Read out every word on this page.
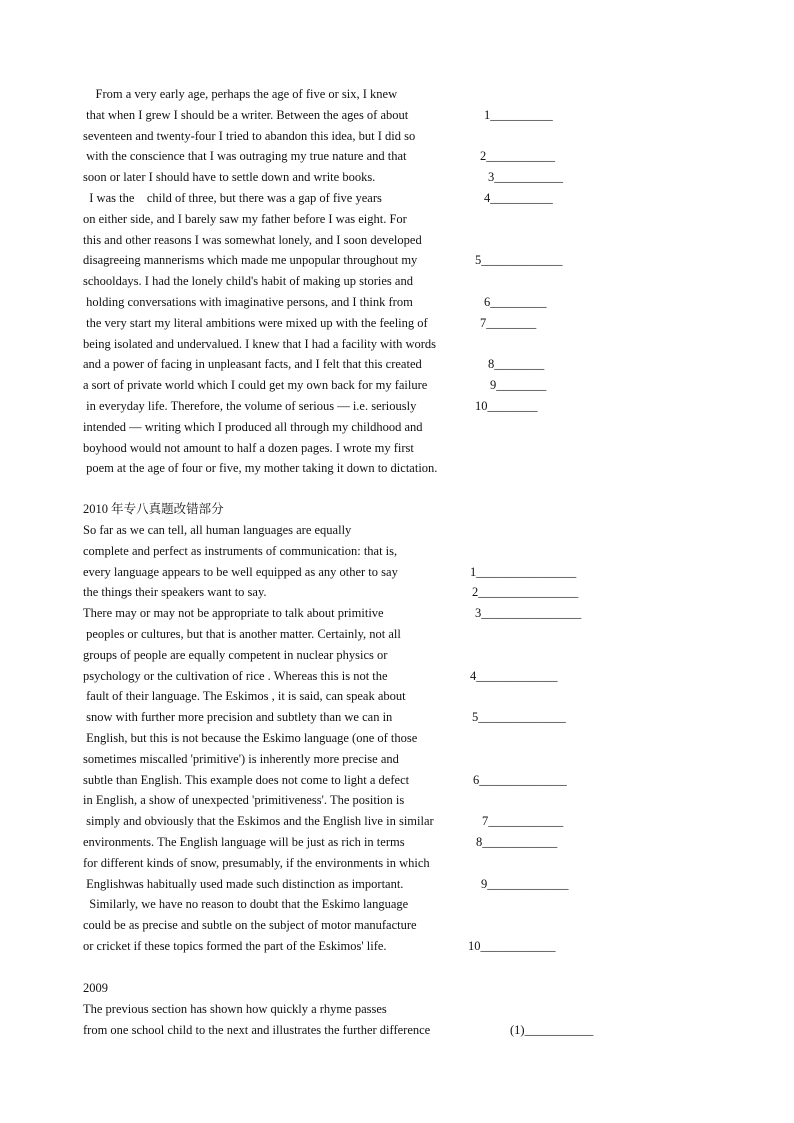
From a very early age, perhaps the age of five or six, I knew
that when I grew I should be a writer. Between the ages of about	1__________
seventeen and twenty-four I tried to abandon this idea, but I did so
with the conscience that I was outraging my true nature and that	2___________
soon or later I should have to settle down and write books.	3___________
I was the    child of three, but there was a gap of five years	4__________
on either side, and I barely saw my father before I was eight. For
this and other reasons I was somewhat lonely, and I soon developed
disagreeing mannerisms which made me unpopular throughout my	5_____________
schooldays. I had the lonely child's habit of making up stories and
holding conversations with imaginative persons, and I think from	6_________
the very start my literal ambitions were mixed up with the feeling of	7________
being isolated and undervalued. I knew that I had a facility with words
and a power of facing in unpleasant facts, and I felt that this created	8________
a sort of private world which I could get my own back for my failure	9________
in everyday life. Therefore, the volume of serious — i.e. seriously	10________
intended — writing which I produced all through my childhood and
boyhood would not amount to half a dozen pages. I wrote my first
poem at the age of four or five, my mother taking it down to dictation.
2010 年专八真题改错部分
So far as we can tell, all human languages are equally
complete and perfect as instruments of communication: that is,
every language appears to be well equipped as any other to say	1________________
the things their speakers want to say.	2________________
There may or may not be appropriate to talk about primitive	3________________
peoples or cultures, but that is another matter. Certainly, not all
groups of people are equally competent in nuclear physics or
psychology or the cultivation of rice . Whereas this is not the	4_____________
fault of their language. The Eskimos , it is said, can speak about
snow with further more precision and subtlety than we can in	5______________
English, but this is not because the Eskimo language (one of those
sometimes miscalled 'primitive') is inherently more precise and
subtle than English. This example does not come to light a defect	6______________
in English, a show of unexpected 'primitiveness'. The position is
simply and obviously that the Eskimos and the English live in similar	7____________
environments. The English language will be just as rich in terms	8____________
for different kinds of snow, presumably, if the environments in which
Englishwas habitually used made such distinction as important.	9_____________
Similarly, we have no reason to doubt that the Eskimo language
could be as precise and subtle on the subject of motor manufacture
or cricket if these topics formed the part of the Eskimos' life.	10____________
2009
The previous section has shown how quickly a rhyme passes
from one school child to the next and illustrates the further difference	(1)___________
